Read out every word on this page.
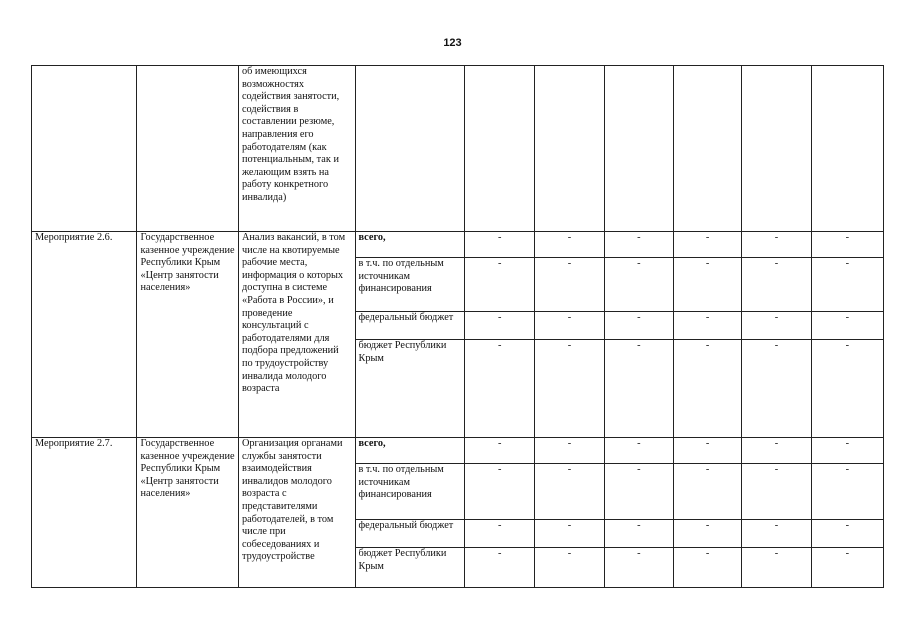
123
		об имеющихся возможностях содействия занятости, содействия в составлении резюме, направления его работодателям (как потенциальным, так и желающим взять на работу конкретного инвалида)							
Мероприятие 2.6.	Государственное казенное учреждение Республики Крым «Центр занятости населения»	Анализ вакансий, в том числе на квотируемые рабочие места, информация о которых доступна в системе «Работа в России», и проведение консультаций с работодателями для подбора предложений по трудоустройству инвалида молодого возраста	всего,	-	-	-	-	-	-
			в т.ч. по отдельным источникам финансирования	-	-	-	-	-	-
			федеральный бюджет	-	-	-	-	-	-
			бюджет Республики Крым	-	-	-	-	-	-
Мероприятие 2.7.	Государственное казенное учреждение Республики Крым «Центр занятости населения»	Организация органами службы занятости взаимодействия инвалидов молодого возраста с представителями работодателей, в том числе при собеседованиях и трудоустройстве	всего,	-	-	-	-	-	-
			в т.ч. по отдельным источникам финансирования	-	-	-	-	-	-
			федеральный бюджет	-	-	-	-	-	-
			бюджет Республики Крым	-	-	-	-	-	-
